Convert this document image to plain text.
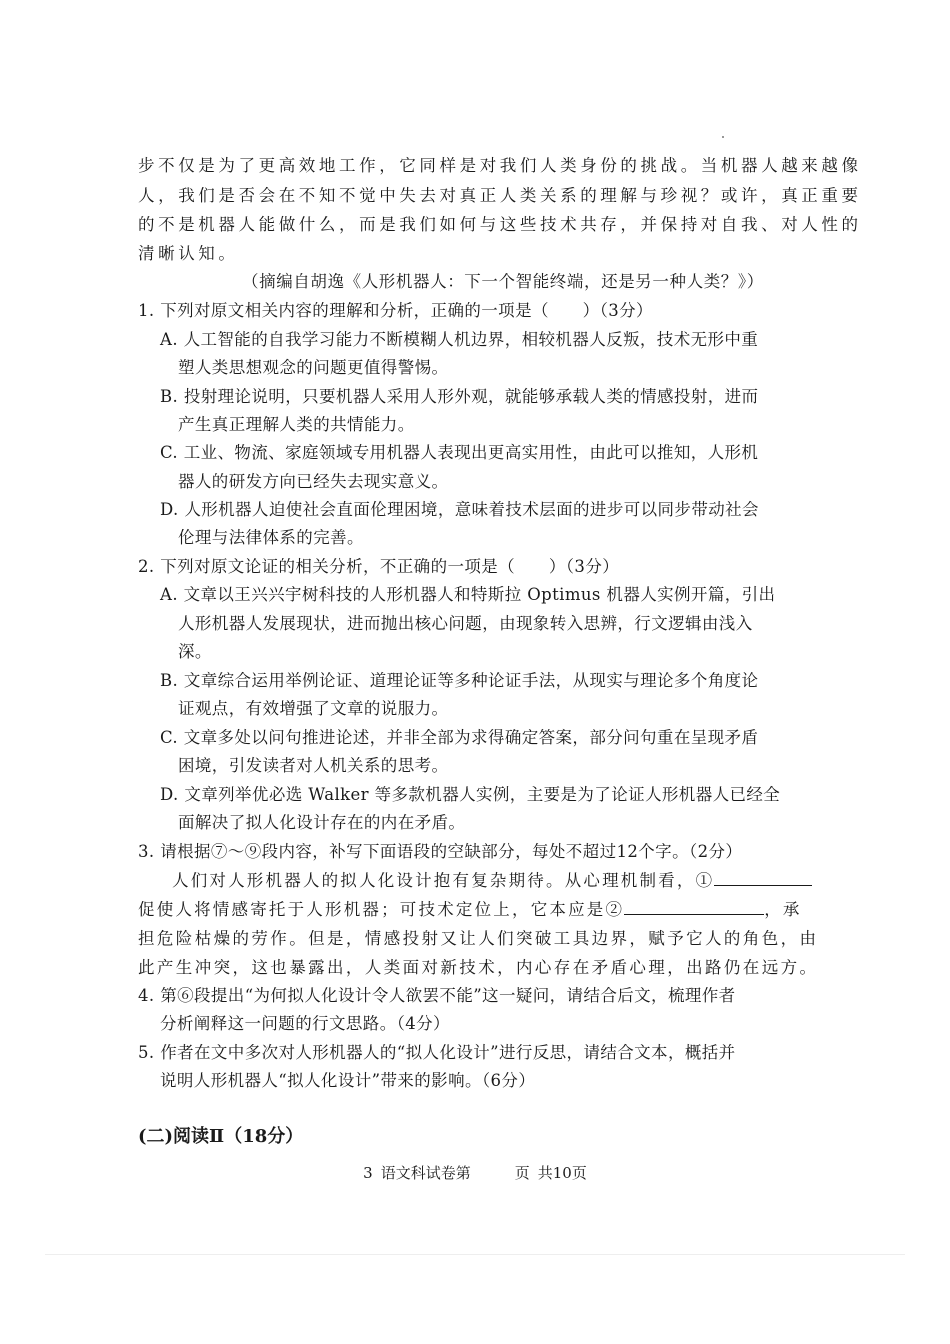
步不仅是为了更高效地工作，它同样是对我们人类身份的挑战。当机器人越来越像
人，我们是否会在不知不觉中失去对真正人类关系的理解与珍视？或许，真正重要
的不是机器人能做什么，而是我们如何与这些技术共存，并保持对自我、对人性的
清晰认知。
（摘编自胡逸《人形机器人：下一个智能终端，还是另一种人类？》）
1. 下列对原文相关内容的理解和分析，正确的一项是（　　）（3分）
A. 人工智能的自我学习能力不断模糊人机边界，相较机器人反叛，技术无形中重
塑人类思想观念的问题更值得警惕。
B. 投射理论说明，只要机器人采用人形外观，就能够承载人类的情感投射，进而
产生真正理解人类的共情能力。
C. 工业、物流、家庭领域专用机器人表现出更高实用性，由此可以推知，人形机
器人的研发方向已经失去现实意义。
D. 人形机器人迫使社会直面伦理困境，意味着技术层面的进步可以同步带动社会
伦理与法律体系的完善。
2. 下列对原文论证的相关分析，不正确的一项是（　　）（3分）
A. 文章以王兴兴宇树科技的人形机器人和特斯拉 Optimus 机器人实例开篇，引出
人形机器人发展现状，进而抛出核心问题，由现象转入思辨，行文逻辑由浅入
深。
B. 文章综合运用举例论证、道理论证等多种论证手法，从现实与理论多个角度论
证观点，有效增强了文章的说服力。
C. 文章多处以问句推进论述，并非全部为求得确定答案，部分问句重在呈现矛盾
困境，引发读者对人机关系的思考。
D. 文章列举优必选 Walker 等多款机器人实例，主要是为了论证人形机器人已经全
面解决了拟人化设计存在的内在矛盾。
3. 请根据⑦～⑨段内容，补写下面语段的空缺部分，每处不超过12个字。（2分）
人们对人形机器人的拟人化设计抱有复杂期待。从心理机制看，①
促使人将情感寄托于人形机器；可技术定位上，它本应是②	，承
担危险枯燥的劳作。但是，情感投射又让人们突破工具边界，赋予它人的角色，由
此产生冲突，这也暴露出，人类面对新技术，内心存在矛盾心理，出路仍在远方。
4. 第⑥段提出“为何拟人化设计令人欲罢不能”这一疑问，请结合后文，梳理作者
分析阐释这一问题的行文思路。（4分）
5. 作者在文中多次对人形机器人的“拟人化设计”进行反思，请结合文本，概括并
说明人形机器人“拟人化设计”带来的影响。（6分）
(二)阅读Ⅱ（18分）
3 语文科试卷第	页 共10页
